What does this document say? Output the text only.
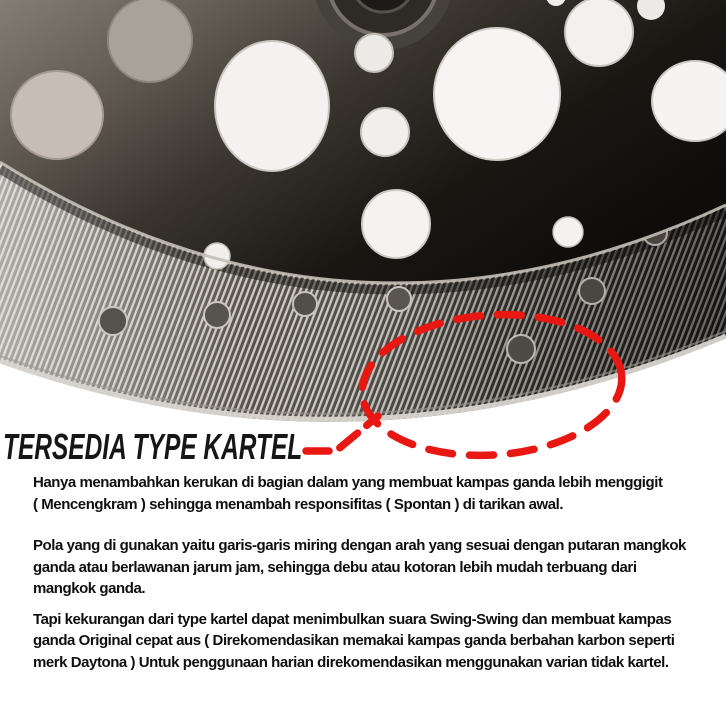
TERSEDIA TYPE KARTEL
Hanya menambahkan kerukan di bagian dalam yang membuat kampas ganda lebih menggigit
( Mencengkram ) sehingga menambah responsifitas ( Spontan ) di tarikan awal.
Pola yang di gunakan yaitu garis-garis miring dengan arah yang sesuai dengan putaran mangkok
ganda atau berlawanan jarum jam, sehingga debu atau kotoran lebih mudah terbuang dari
mangkok ganda.
Tapi kekurangan dari type kartel dapat menimbulkan suara Swing-Swing dan membuat kampas
ganda Original cepat aus ( Direkomendasikan memakai kampas ganda berbahan karbon seperti
merk Daytona ) Untuk penggunaan harian direkomendasikan menggunakan varian tidak kartel.
